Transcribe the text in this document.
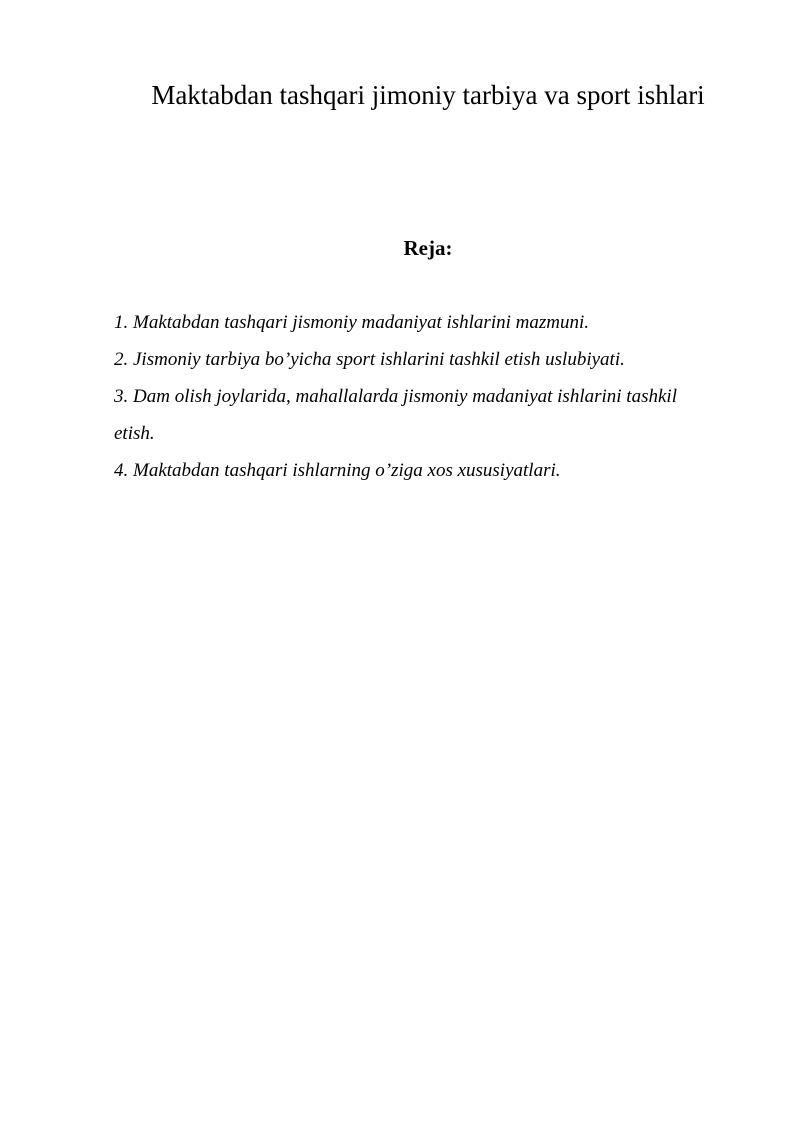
Maktabdan tashqari jimoniy tarbiya va sport ishlari
Reja:
1. Maktabdan tashqari jismoniy madaniyat ishlarini mazmuni.
2. Jismoniy tarbiya bo’yicha sport ishlarini tashkil etish uslubiyati.
3. Dam olish joylarida, mahallalarda jismoniy madaniyat ishlarini tashkil etish.
4. Maktabdan tashqari ishlarning o’ziga xos xususiyatlari.
